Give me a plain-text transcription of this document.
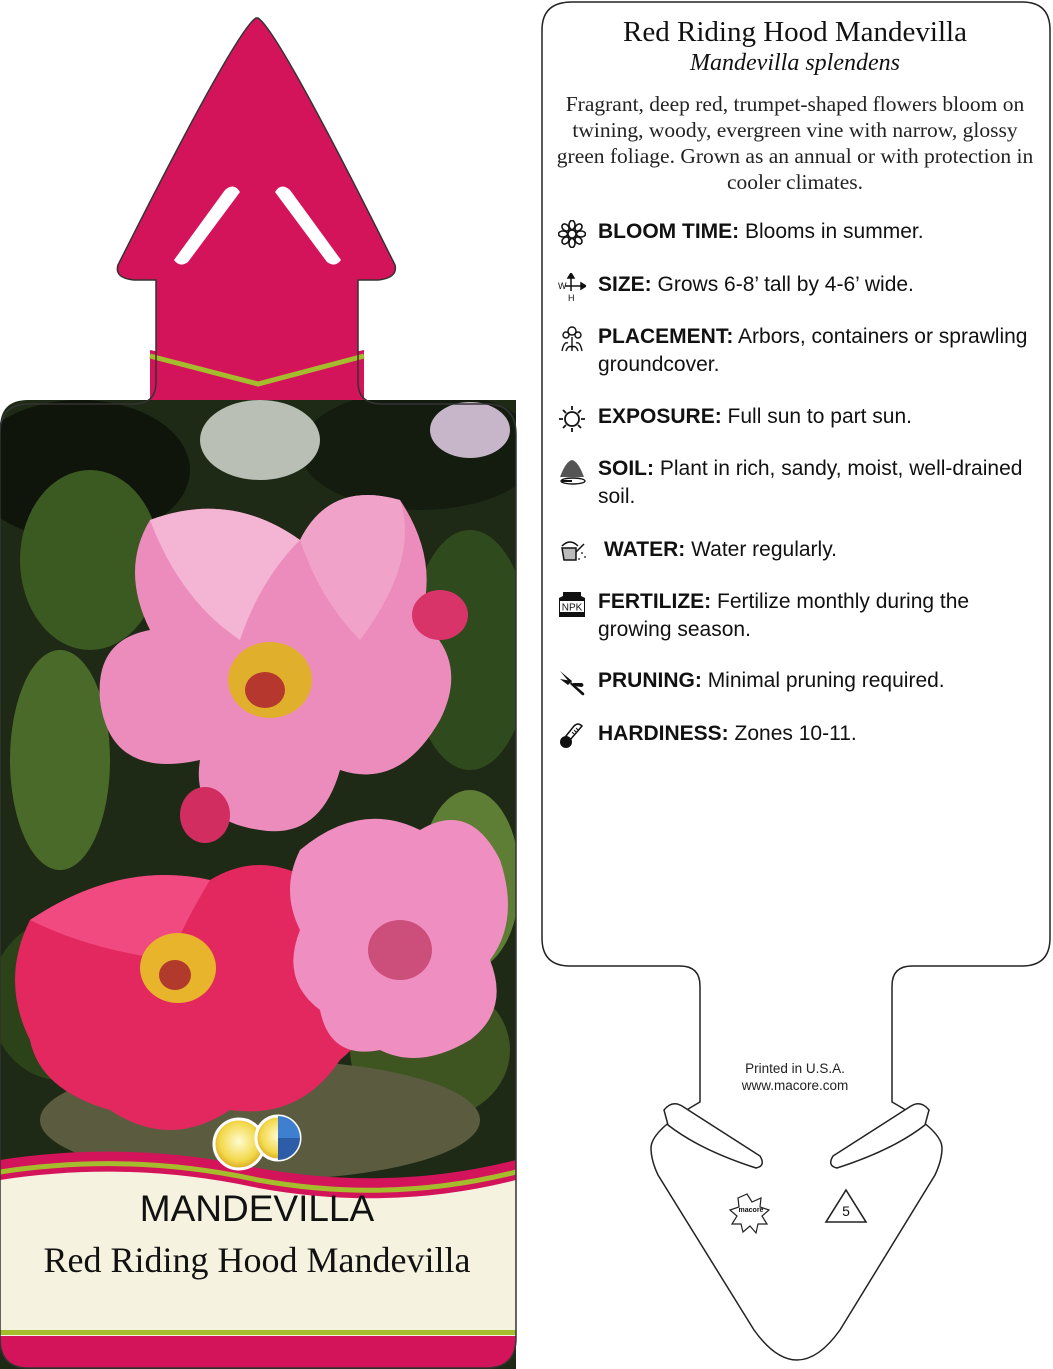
Red Riding Hood Mandevilla
Mandevilla splendens
Fragrant, deep red, trumpet-shaped flowers bloom on twining, woody, evergreen vine with narrow, glossy green foliage. Grown as an annual or with protection in cooler climates.
BLOOM TIME: Blooms in summer.
W
H
SIZE: Grows 6-8’ tall by 4-6’ wide.
PLACEMENT: Arbors, containers or sprawling groundcover.
EXPOSURE: Full sun to part sun.
SOIL: Plant in rich, sandy, moist, well-drained soil.
WATER: Water regularly.
NPK FERTILIZE: Fertilize monthly during the growing season.
PRUNING: Minimal pruning required.
HARDINESS: Zones 10-11.
Printed in U.S.A.
www.macore.com
macore	5
MANDEVILLA
Red Riding Hood Mandevilla
